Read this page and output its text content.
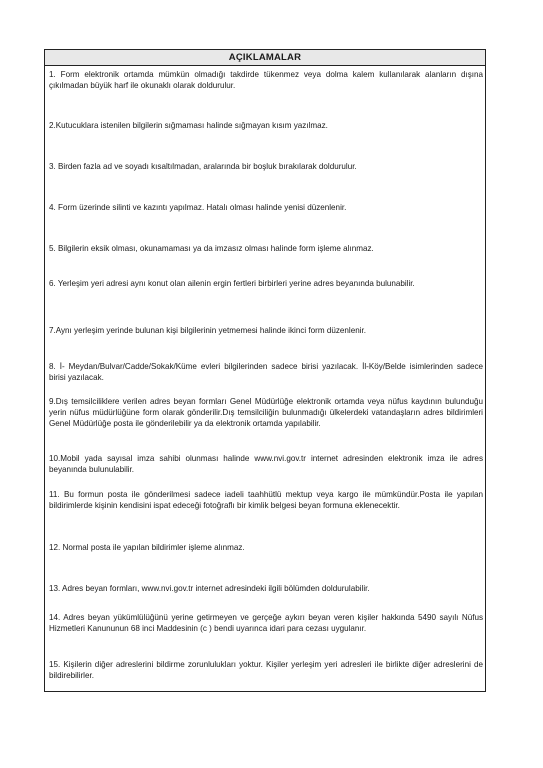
AÇIKLAMALAR
1. Form elektronik ortamda mümkün olmadığı takdirde tükenmez veya dolma kalem kullanılarak alanların dışına çıkılmadan büyük harf ile okunaklı olarak doldurulur.
2.Kutucuklara istenilen bilgilerin sığmaması halinde sığmayan kısım yazılmaz.
3. Birden fazla ad ve soyadı kısaltılmadan, aralarında bir boşluk bırakılarak doldurulur.
4. Form üzerinde silinti ve kazıntı yapılmaz. Hatalı olması halinde yenisi düzenlenir.
5. Bilgilerin eksik olması, okunamaması ya da imzasız olması halinde form işleme alınmaz.
6. Yerleşim yeri adresi aynı konut olan ailenin ergin fertleri birbirleri yerine adres beyanında bulunabilir.
7.Aynı yerleşim yerinde bulunan kişi bilgilerinin yetmemesi halinde ikinci form düzenlenir.
8. İ- Meydan/Bulvar/Cadde/Sokak/Küme evleri bilgilerinden sadece birisi yazılacak. İl-Köy/Belde isimlerinden sadece birisi yazılacak.
9.Dış temsilciliklere verilen adres beyan formları Genel Müdürlüğe elektronik ortamda veya nüfus kaydının bulunduğu yerin nüfus müdürlüğüne form olarak gönderilir.Dış temsilciliğin bulunmadığı ülkelerdeki vatandaşların adres bildirimleri Genel Müdürlüğe posta ile gönderilebilir ya da elektronik ortamda yapılabilir.
10.Mobil yada sayısal imza sahibi olunması halinde www.nvi.gov.tr internet adresinden elektronik imza ile adres beyanında bulunulabilir.
11. Bu formun posta ile gönderilmesi sadece iadeli taahhütlü mektup veya kargo ile mümkündür.Posta ile yapılan bildirimlerde kişinin kendisini ispat edeceği fotoğraflı bir kimlik belgesi beyan formuna eklenecektir.
12. Normal posta ile yapılan bildirimler işleme alınmaz.
13. Adres beyan formları, www.nvi.gov.tr internet adresindeki ilgili bölümden doldurulabilir.
14. Adres beyan yükümlülüğünü yerine getirmeyen ve gerçeğe aykırı beyan veren kişiler hakkında 5490 sayılı Nüfus Hizmetleri Kanununun 68 inci Maddesinin (c ) bendi uyarınca idari para cezası uygulanır.
15. Kişilerin diğer adreslerini bildirme zorunlulukları yoktur. Kişiler yerleşim yeri adresleri ile birlikte diğer adreslerini de bildirebilirler.
